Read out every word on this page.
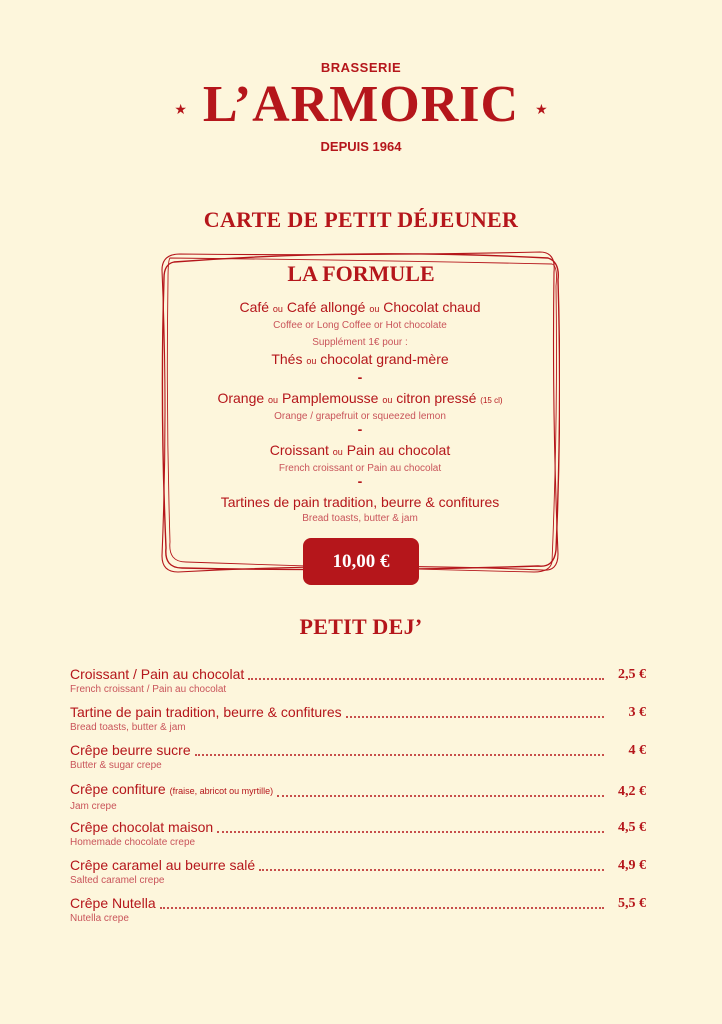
BRASSERIE
★ L’ARMORIC ★
DEPUIS 1964
CARTE DE PETIT DÉJEUNER
LA FORMULE
Café ou Café allongé ou Chocolat chaud
Coffee or Long Coffee or Hot chocolate
Supplément 1€ pour :
Thés ou chocolat grand-mère
-
Orange ou Pamplemousse ou citron pressé (15 cl)
Orange / grapefruit or squeezed lemon
-
Croissant ou Pain au chocolat
French croissant or Pain au chocolat
-
Tartines de pain tradition, beurre & confitures
Bread toasts, butter & jam
10,00 €
PETIT DEJ’
Croissant / Pain au chocolat	2,5 €
French croissant / Pain au chocolat
Tartine de pain tradition, beurre & confitures	3 €
Bread toasts, butter & jam
Crêpe beurre sucre	4 €
Butter & sugar crepe
Crêpe confiture (fraise, abricot ou myrtille)	4,2 €
Jam crepe
Crêpe chocolat maison	4,5 €
Homemade chocolate crepe
Crêpe caramel au beurre salé	4,9 €
Salted caramel crepe
Crêpe Nutella	5,5 €
Nutella crepe
